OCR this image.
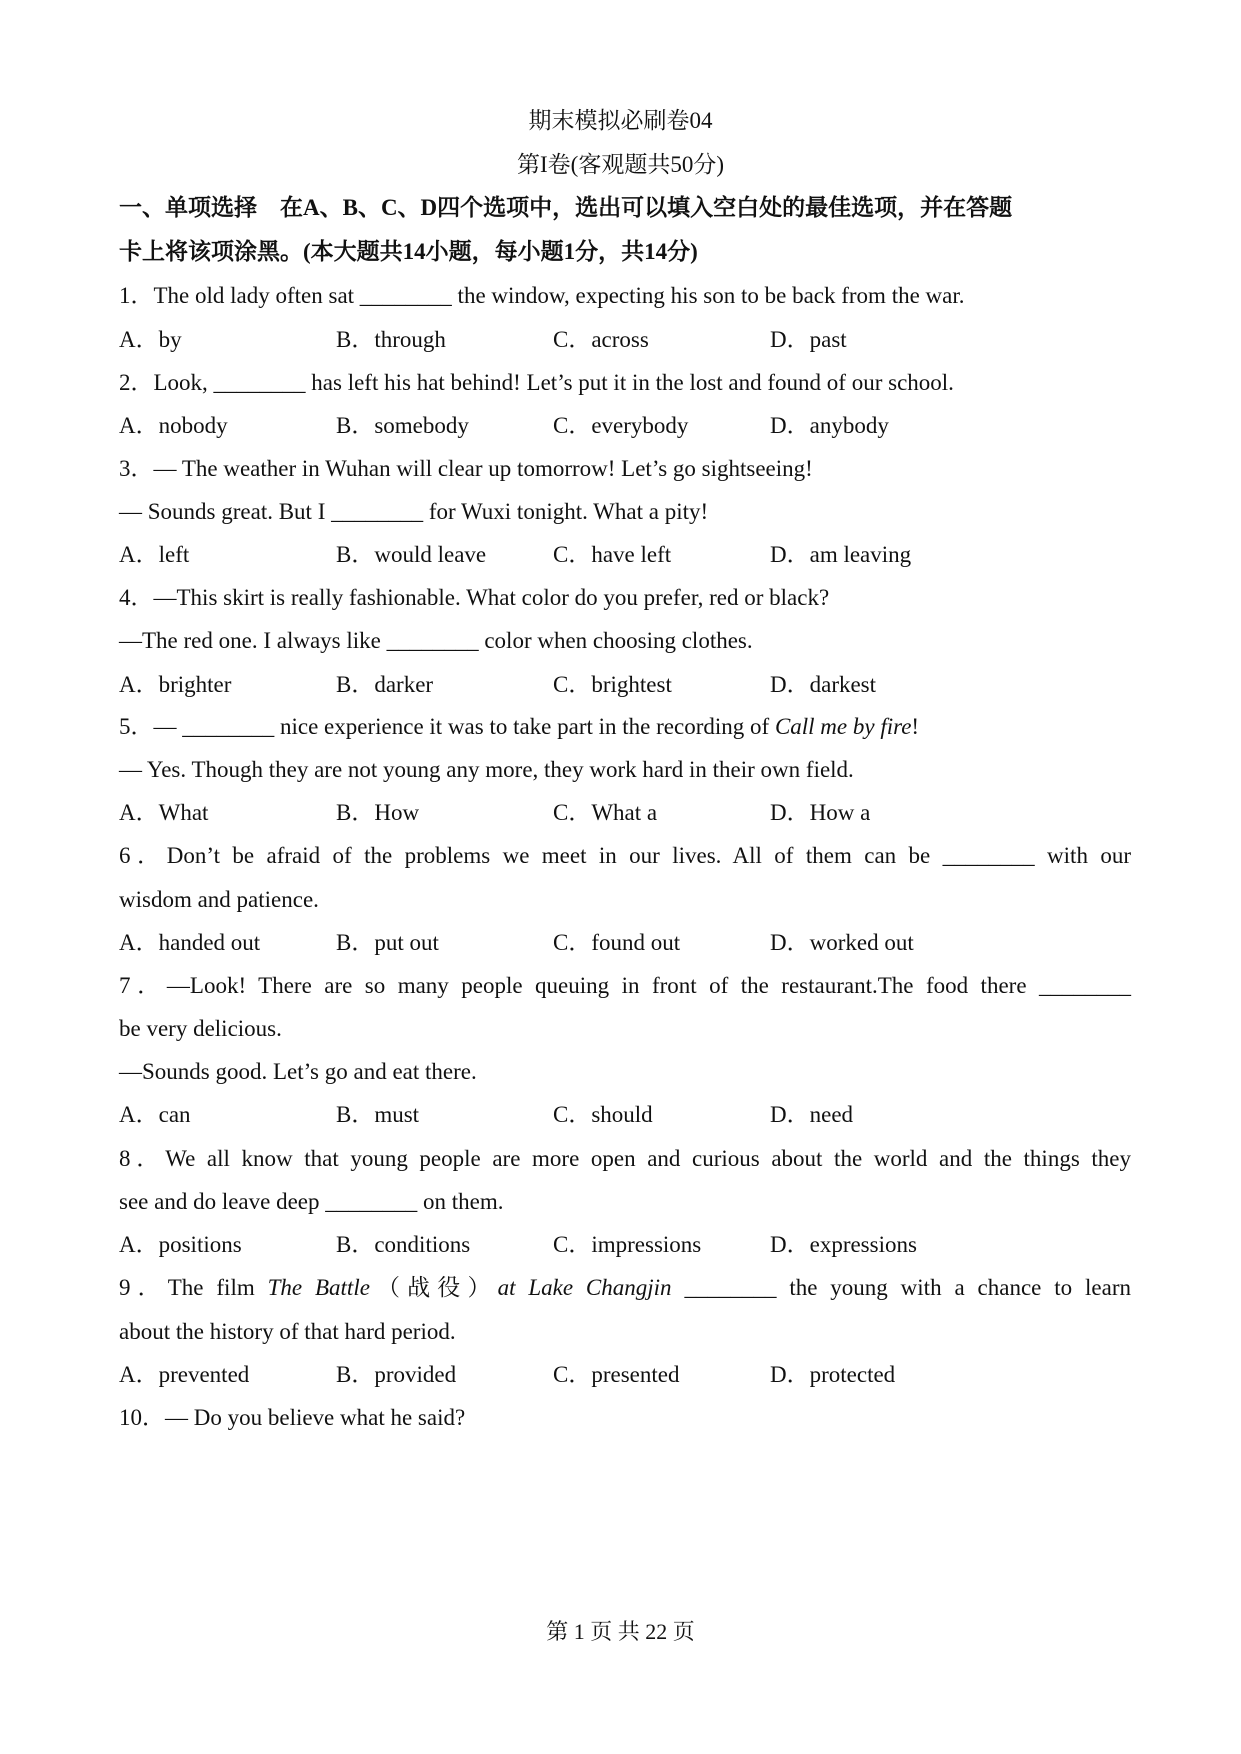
期末模拟必刷卷04
第I卷(客观题共50分)
一、单项选择　在A、B、C、D四个选项中，选出可以填入空白处的最佳选项，并在答题
卡上将该项涂黑。(本大题共14小题，每小题1分，共14分)
1．The old lady often sat ________ the window, expecting his son to be back from the war.
A．by	B．through	C．across	D．past
2．Look, ________ has left his hat behind! Let’s put it in the lost and found of our school.
A．nobody	B．somebody	C．everybody	D．anybody
3．— The weather in Wuhan will clear up tomorrow! Let’s go sightseeing!
— Sounds great. But I ________ for Wuxi tonight. What a pity!
A．left	B．would leave	C．have left	D．am leaving
4．—This skirt is really fashionable. What color do you prefer, red or black?
—The red one. I always like ________ color when choosing clothes.
A．brighter	B．darker	C．brightest	D．darkest
5．— ________ nice experience it was to take part in the recording of Call me by fire!
— Yes. Though they are not young any more, they work hard in their own field.
A．What	B．How	C．What a	D．How a
6．Don’t be afraid of the problems we meet in our lives. All of them can be ________ with our
wisdom and patience.
A．handed out	B．put out	C．found out	D．worked out
7．—Look! There are so many people queuing in front of the restaurant.The food there ________
be very delicious.
—Sounds good. Let’s go and eat there.
A．can	B．must	C．should	D．need
8．We all know that young people are more open and curious about the world and the things they
see and do leave deep ________ on them.
A．positions	B．conditions	C．impressions	D．expressions
9．The film The Battle（战役）at Lake Changjin ________ the young with a chance to learn
about the history of that hard period.
A．prevented	B．provided	C．presented	D．protected
10．— Do you believe what he said?
第 1 页 共 22 页
